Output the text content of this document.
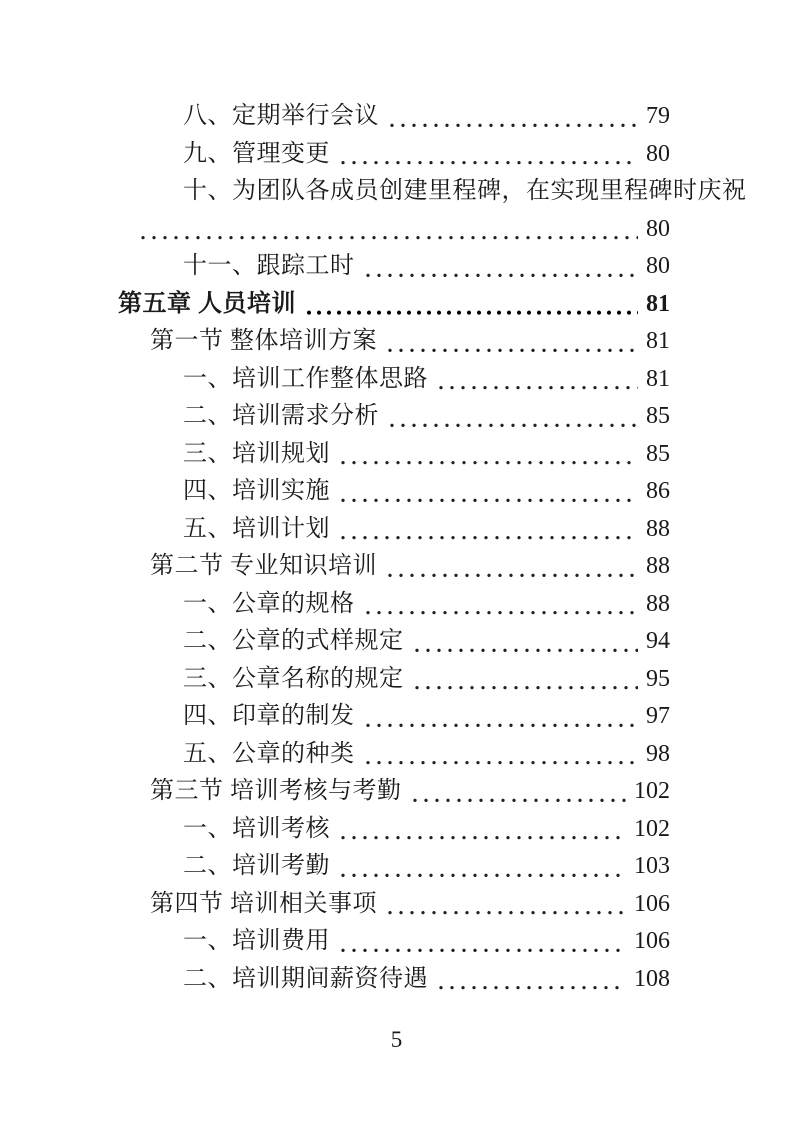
八、定期举行会议	79
九、管理变更	80
十、为团队各成员创建里程碑，在实现里程碑时庆祝
80
十一、跟踪工时	80
第五章 人员培训	81
第一节 整体培训方案	81
一、培训工作整体思路	81
二、培训需求分析	85
三、培训规划	85
四、培训实施	86
五、培训计划	88
第二节 专业知识培训	88
一、公章的规格	88
二、公章的式样规定	94
三、公章名称的规定	95
四、印章的制发	97
五、公章的种类	98
第三节 培训考核与考勤	102
一、培训考核	102
二、培训考勤	103
第四节 培训相关事项	106
一、培训费用	106
二、培训期间薪资待遇	108
5
